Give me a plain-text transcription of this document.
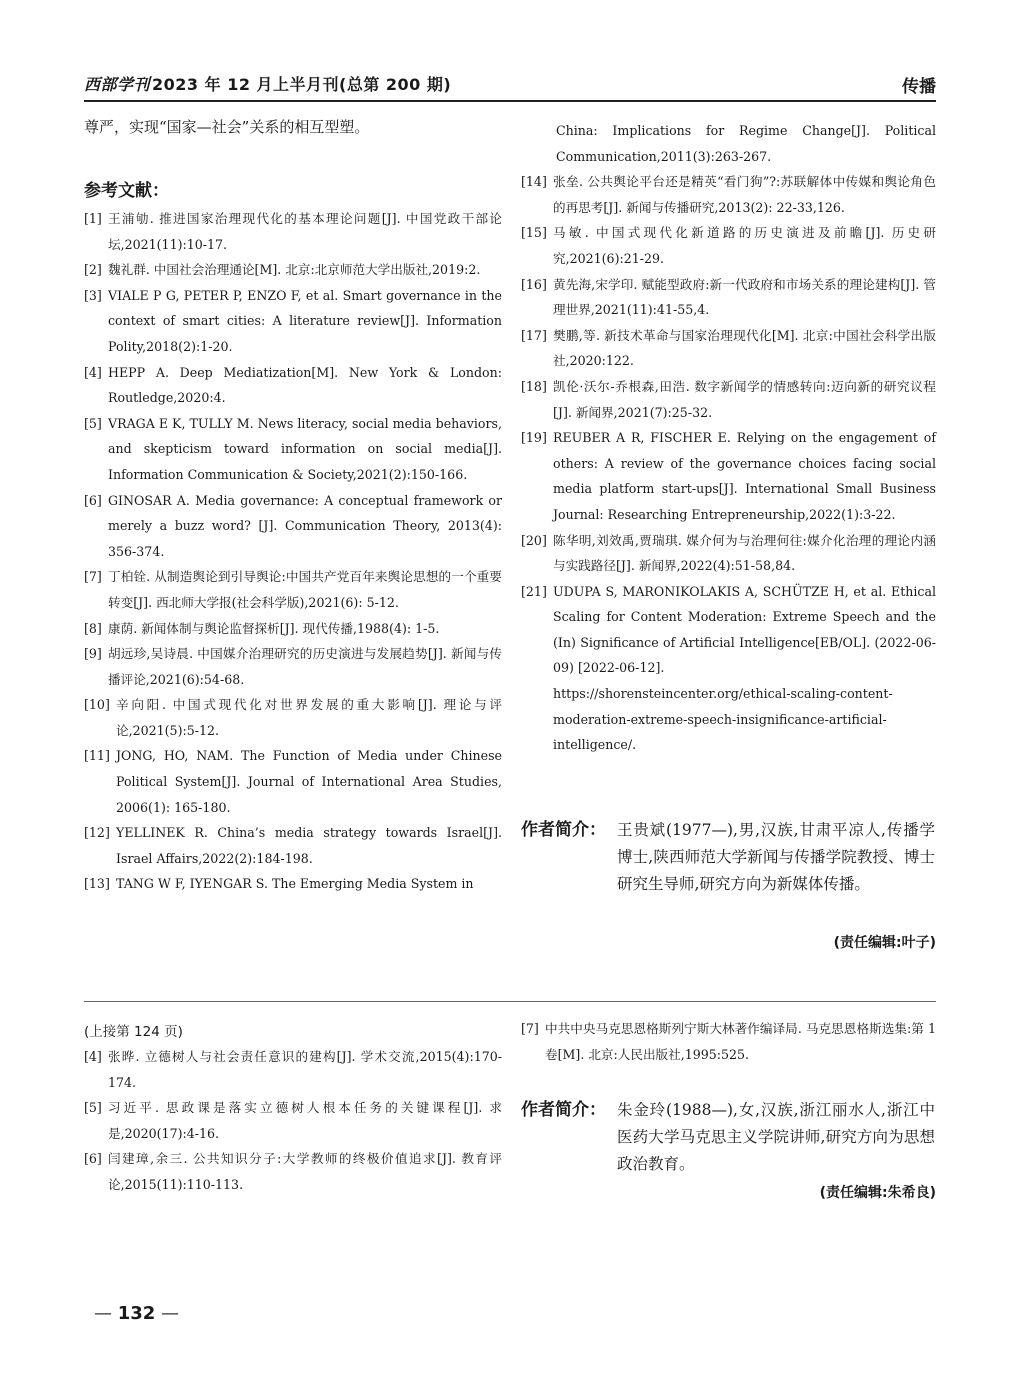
西部学刊 2023 年 12 月上半月刊(总第 200 期)	传播
尊严，实现“国家—社会”关系的相互型塑。
参考文献：
[1] 王浦劬. 推进国家治理现代化的基本理论问题[J]. 中国党政干部论坛,2021(11):10-17.
[2] 魏礼群. 中国社会治理通论[M]. 北京:北京师范大学出版社,2019:2.
[3] VIALE P G, PETER P, ENZO F, et al. Smart governance in the context of smart cities: A literature review[J]. Information Polity,2018(2):1-20.
[4] HEPP A. Deep Mediatization[M]. New York & London: Routledge,2020:4.
[5] VRAGA E K, TULLY M. News literacy, social media behaviors, and skepticism toward information on social media[J]. Information Communication & Society,2021(2):150-166.
[6] GINOSAR A. Media governance: A conceptual framework or merely a buzz word? [J]. Communication Theory, 2013(4): 356-374.
[7] 丁柏铨. 从制造舆论到引导舆论:中国共产党百年来舆论思想的一个重要转变[J]. 西北师大学报(社会科学版),2021(6): 5-12.
[8] 康荫. 新闻体制与舆论监督探析[J]. 现代传播,1988(4): 1-5.
[9] 胡远珍,吴诗晨. 中国媒介治理研究的历史演进与发展趋势[J]. 新闻与传播评论,2021(6):54-68.
[10] 辛向阳. 中国式现代化对世界发展的重大影响[J]. 理论与评论,2021(5):5-12.
[11] JONG, HO, NAM. The Function of Media under Chinese Political System[J]. Journal of International Area Studies, 2006(1): 165-180.
[12] YELLINEK R. China’s media strategy towards Israel[J]. Israel Affairs,2022(2):184-198.
[13] TANG W F, IYENGAR S. The Emerging Media System in
China: Implications for Regime Change[J]. Political Communication,2011(3):263-267.
[14] 张垒. 公共舆论平台还是精英“看门狗”?:苏联解体中传媒和舆论角色的再思考[J]. 新闻与传播研究,2013(2): 22-33,126.
[15] 马敏. 中国式现代化新道路的历史演进及前瞻[J]. 历史研究,2021(6):21-29.
[16] 黄先海,宋学印. 赋能型政府:新一代政府和市场关系的理论建构[J]. 管理世界,2021(11):41-55,4.
[17] 樊鹏,等. 新技术革命与国家治理现代化[M]. 北京:中国社会科学出版社,2020:122.
[18] 凯伦·沃尔-乔根森,田浩. 数字新闻学的情感转向:迈向新的研究议程[J]. 新闻界,2021(7):25-32.
[19] REUBER A R, FISCHER E. Relying on the engagement of others: A review of the governance choices facing social media platform start-ups[J]. International Small Business Journal: Researching Entrepreneurship,2022(1):3-22.
[20] 陈华明,刘效禹,贾瑞琪. 媒介何为与治理何往:媒介化治理的理论内涵与实践路径[J]. 新闻界,2022(4):51-58,84.
[21] UDUPA S, MARONIKOLAKIS A, SCHÜTZE H, et al. Ethical Scaling for Content Moderation: Extreme Speech and the (In) Significance of Artificial Intelligence[EB/OL]. (2022-06-09) [2022-06-12].
https://shorensteincenter.org/ethical-scaling-content-moderation-extreme-speech-insignificance-artificial-intelligence/.
作者简介： 王贵斌(1977—),男,汉族,甘肃平凉人,传播学博士,陕西师范大学新闻与传播学院教授、博士研究生导师,研究方向为新媒体传播。
(责任编辑:叶子)
(上接第 124 页)
[4] 张晔. 立德树人与社会责任意识的建构[J]. 学术交流,2015(4):170-174.
[5] 习近平. 思政课是落实立德树人根本任务的关键课程[J]. 求是,2020(17):4-16.
[6] 闫建璋,余三. 公共知识分子:大学教师的终极价值追求[J]. 教育评论,2015(11):110-113.
[7] 中共中央马克思恩格斯列宁斯大林著作编译局. 马克思恩格斯选集:第 1 卷[M]. 北京:人民出版社,1995:525.
作者简介： 朱金玲(1988—),女,汉族,浙江丽水人,浙江中医药大学马克思主义学院讲师,研究方向为思想政治教育。
(责任编辑:朱希良)
— 132 —
